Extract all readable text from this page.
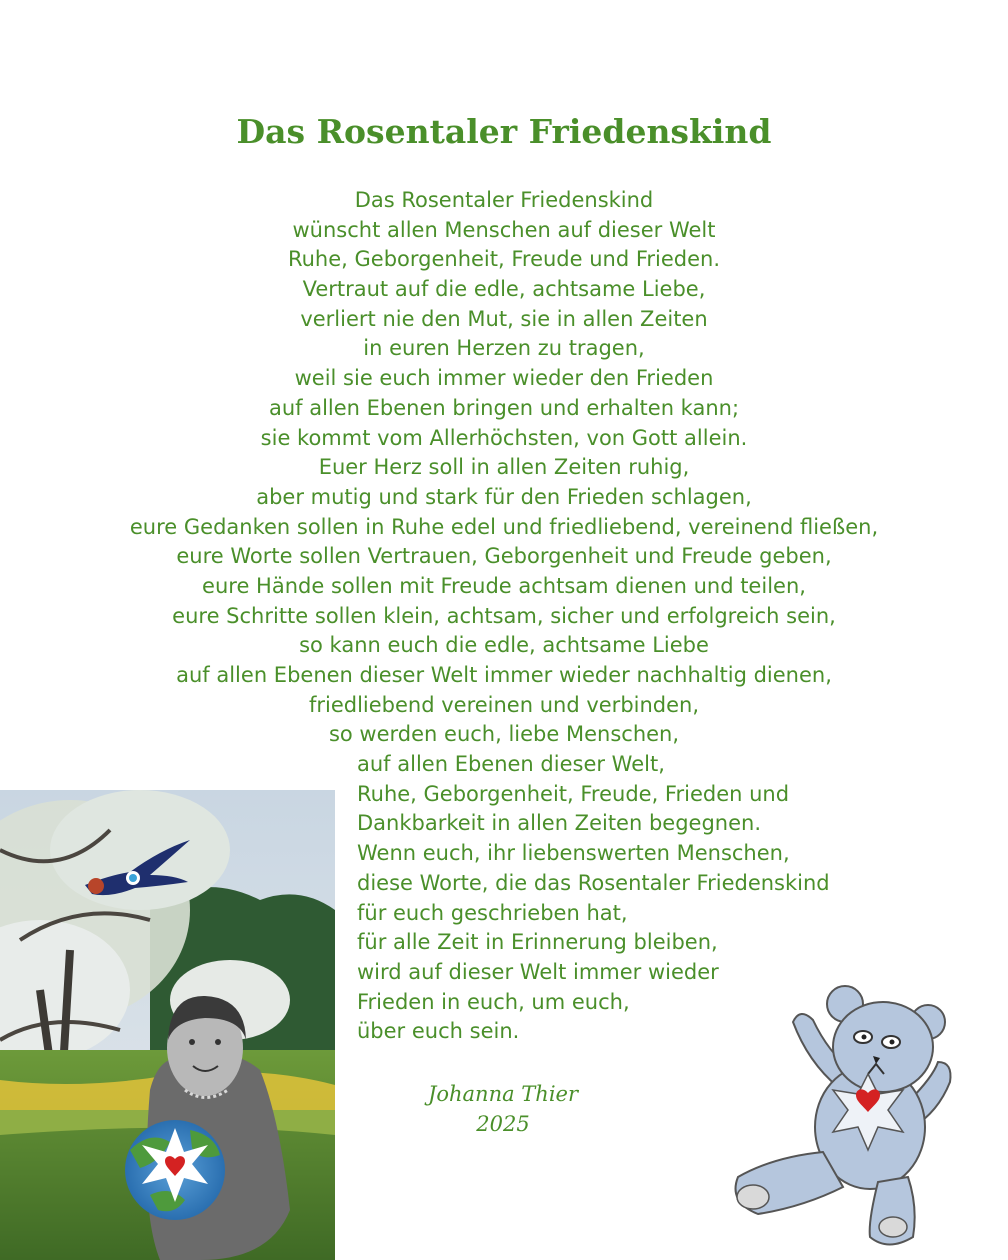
Das Rosentaler Friedenskind
Das Rosentaler Friedenskind
wünscht allen Menschen auf dieser Welt
Ruhe, Geborgenheit, Freude und Frieden.
Vertraut auf die edle, achtsame Liebe,
verliert nie den Mut, sie in allen Zeiten
in euren Herzen zu tragen,
weil sie euch immer wieder den Frieden
auf allen Ebenen bringen und erhalten kann;
sie kommt vom Allerhöchsten, von Gott allein.
Euer Herz soll in allen Zeiten ruhig,
aber mutig und stark für den Frieden schlagen,
eure Gedanken sollen in Ruhe edel und friedliebend, vereinend fließen,
eure Worte sollen Vertrauen, Geborgenheit und Freude geben,
eure Hände sollen mit Freude achtsam dienen und teilen,
eure Schritte sollen klein, achtsam, sicher und erfolgreich sein,
so kann euch die edle, achtsame Liebe
auf allen Ebenen dieser Welt immer wieder nachhaltig dienen,
friedliebend vereinen und verbinden,
so werden euch, liebe Menschen,
auf allen Ebenen dieser Welt,
Ruhe, Geborgenheit, Freude, Frieden und
Dankbarkeit in allen Zeiten begegnen.
Wenn euch, ihr liebenswerten Menschen,
diese Worte, die das Rosentaler Friedenskind
für euch geschrieben hat,
für alle Zeit in Erinnerung bleiben,
wird auf dieser Welt immer wieder
Frieden in euch, um euch,
über euch sein.
Johanna Thier
2025
